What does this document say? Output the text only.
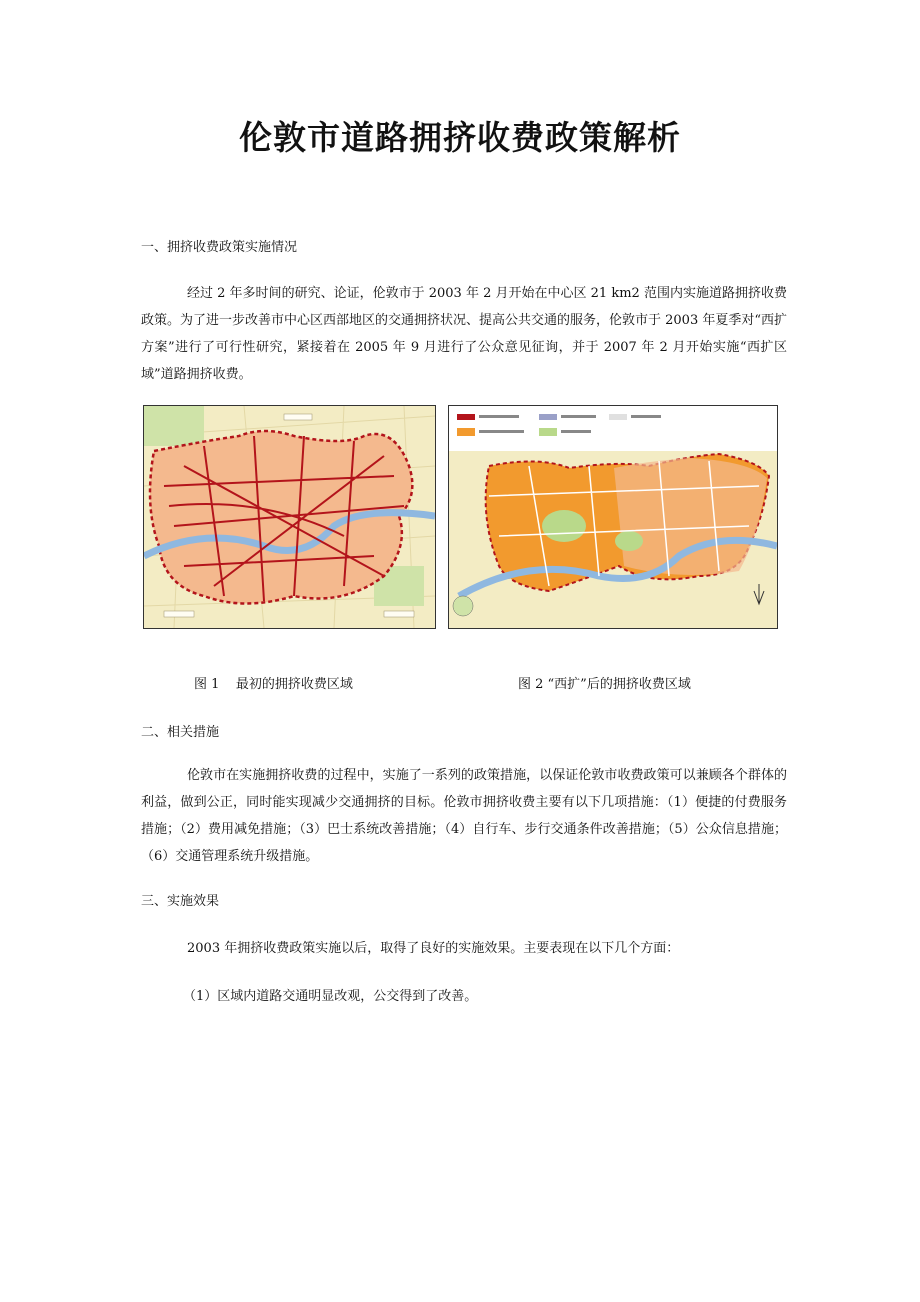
伦敦市道路拥挤收费政策解析
一、拥挤收费政策实施情况
经过 2 年多时间的研究、论证，伦敦市于 2003 年 2 月开始在中心区 21 km2 范围内实施道路拥挤收费政策。为了进一步改善市中心区西部地区的交通拥挤状况、提高公共交通的服务，伦敦市于 2003 年夏季对“西扩方案”进行了可行性研究，紧接着在 2005 年 9 月进行了公众意见征询，并于 2007 年 2 月开始实施“西扩区域”道路拥挤收费。
图 1    最初的拥挤收费区域	图 2 “西扩”后的拥挤收费区域
二、相关措施
伦敦市在实施拥挤收费的过程中，实施了一系列的政策措施，以保证伦敦市收费政策可以兼顾各个群体的利益，做到公正，同时能实现减少交通拥挤的目标。伦敦市拥挤收费主要有以下几项措施：（1）便捷的付费服务措施；（2）费用减免措施；（3）巴士系统改善措施；（4）自行车、步行交通条件改善措施；（5）公众信息措施；（6）交通管理系统升级措施。
三、实施效果
2003 年拥挤收费政策实施以后，取得了良好的实施效果。主要表现在以下几个方面：
（1）区域内道路交通明显改观，公交得到了改善。
